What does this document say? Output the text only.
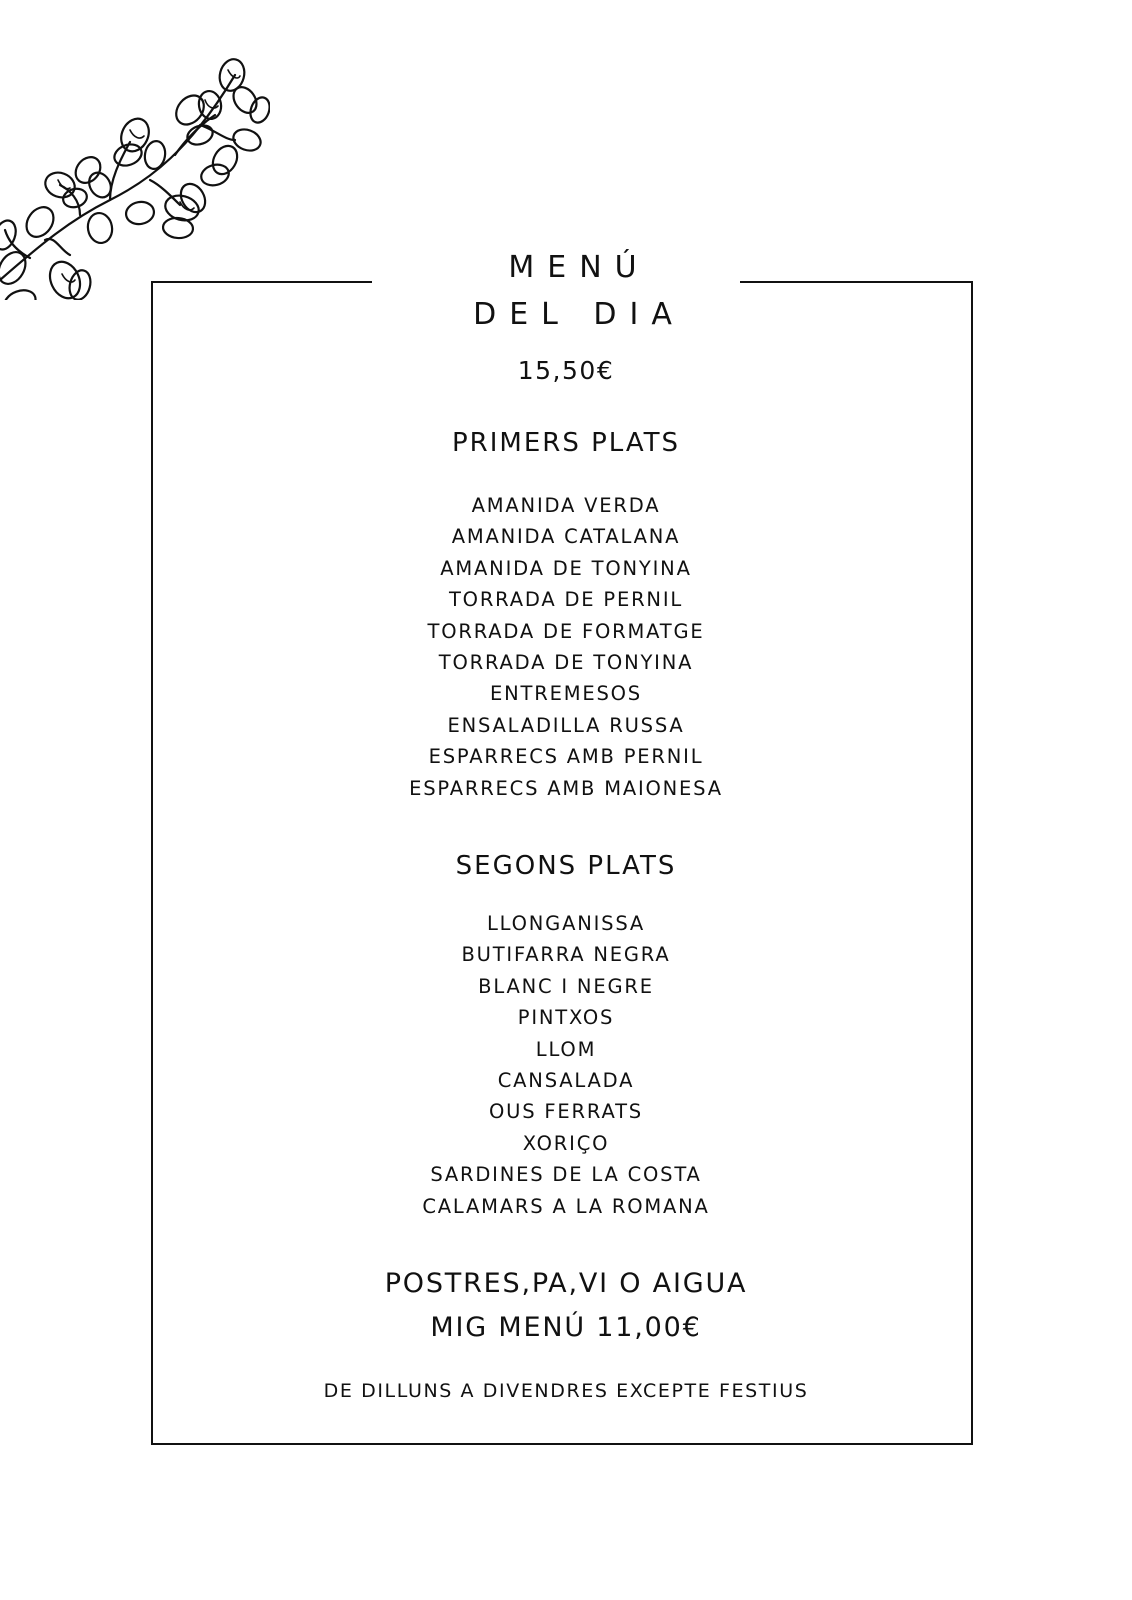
MENÚ
DEL DIA
15,50€
PRIMERS PLATS
AMANIDA VERDA
AMANIDA CATALANA
AMANIDA DE TONYINA
TORRADA DE PERNIL
TORRADA DE FORMATGE
TORRADA DE TONYINA
ENTREMESOS
ENSALADILLA RUSSA
ESPARRECS AMB PERNIL
ESPARRECS AMB MAIONESA
SEGONS PLATS
LLONGANISSA
BUTIFARRA NEGRA
BLANC I NEGRE
PINTXOS
LLOM
CANSALADA
OUS FERRATS
XORIÇO
SARDINES DE LA COSTA
CALAMARS A LA ROMANA
POSTRES,PA,VI O AIGUA
MIG MENÚ 11,00€
DE DILLUNS A DIVENDRES EXCEPTE FESTIUS
